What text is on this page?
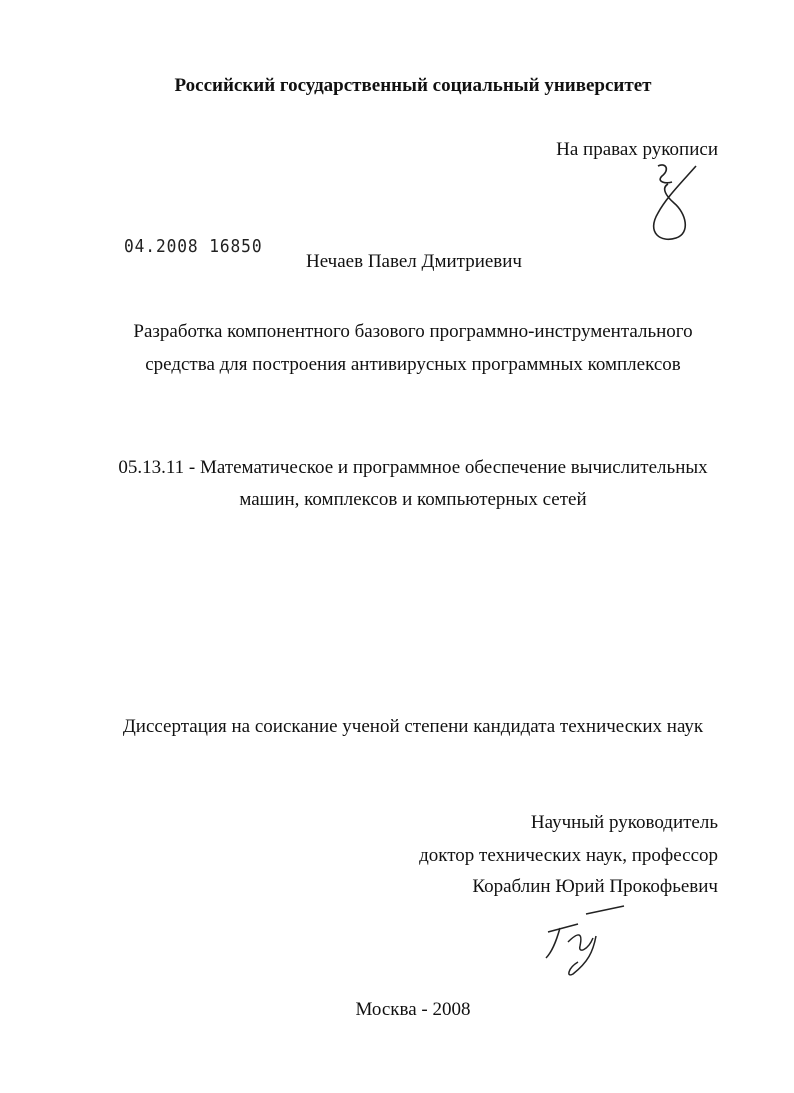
Российский государственный социальный университет
На правах рукописи
04.2008 16850
Нечаев Павел Дмитриевич
Разработка компонентного базового программно-инструментального
средства для построения антивирусных программных комплексов
05.13.11 - Математическое и программное обеспечение вычислительных
машин, комплексов и компьютерных сетей
Диссертация на соискание ученой степени кандидата технических наук
Научный руководитель
доктор технических наук, профессор
Кораблин Юрий Прокофьевич
Москва - 2008
